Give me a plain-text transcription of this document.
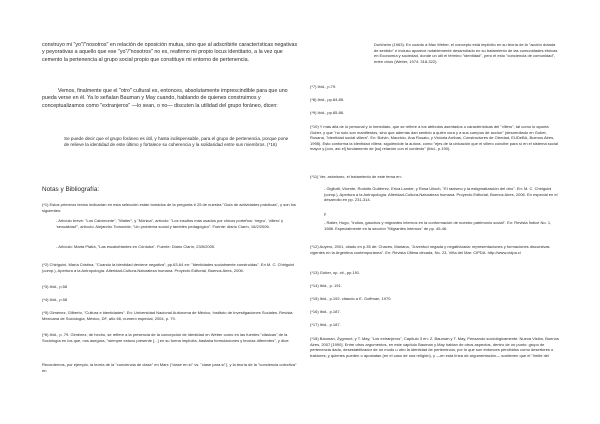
construyo mi "yo"/"nosotros" en relación de oposición mutua, sino que al adscribirle características negativas y peyorativas a aquello que ese "yo"/"nosotros" no es, reafirmo mi propio locus identitario, a la vez que cemento la pertenencia al grupo social propio que constituye mi entorno de pertenencia.

Vemos, finalmente que el "otro" cultural es, entonces, absolutamente imprescindible para que uno pueda verse en él. Ya lo señalan Bauman y May cuando, hablando de quienes construimos y conceptualizamos como "extranjeros" —lo sean, o no— discuten la utilidad del grupo foráneo, dicen:

Se puede decir que el grupo foráneo es útil, y hasta indispensable, para el grupo de pertenencia, porque pone de relieve la identidad de este último y fortalece su coherencia y la solidaridad entre sus miembros. (*16)

Notas y Bibliografía:

(*1) Estos primeros textos indicarían en esta selección están tomados de la pregunta # 25 de nuestra "Guía de actividades prácticas", y son los siguientes:

- Artículo breve: "Los Calvimonte", "Walter", y "Mónica", artículo: "Los insultos más usados por chicos porteños: 'negro', 'villero' y 'sexualidad'", artículo: Alejandro Tomonide, "Un problema social y también pedagógico". Fuente: diario Clarín, 16/2/2006.

- Artículo: Marta Platía, "Las escalofriantes en Córdoba". Fuente: Diario Clarín, 23/5/2005.

(*2) Chiriguini, María Cristina, "Cuando la identidad deviene negativa", pp.63-64 en: "Identidades socialmente construidas". En M. C. Chiriguini (comp.), Apertura a la Antropología. Alteridad-Cultura-Naturaleza humana. Proyecto Editorial, Buenos Aires, 2006.

(*3) Ibid., p.58

(*4) Ibid., p.58

(*5) Giménez, Gilberto, "Cultura e identidades". En: Universidad Nacional Autónoma de México, Instituto de Investigaciones Sociales. Revista Mexicana de Sociología, México, DF, año 66, número especial, 2004, p. 79.

(*6) Ibid., p. 79. Giménez, de hecho, se refiere a la presencia de la concepción de identidad en Weber como en las fuentes "clásicas" de la Sociología en los que, nos asegura, "siempre estuvo presente [...] en su forma implícita, bastaba formulaciones y teorías diferentes", y dice:

Recordemos, por ejemplo, la teoría de la "conciencia de clase" en Marx ("clase en sí" vs. "clase para sí"), y la teoría de la "conciencia colectiva" en

Durkheim (1963). En cuanto a Max Weber, el concepto está implícito en su teoría de la "acción dotada de sentido" e incluso aparece notablemente desarrollado en su tratamiento de las comunidades étnicas en Economía y sociedad, donde un útil el término "identidad", pero el esto "conciencia de comunidad", entre otros (Weber, 1974: 318-322).

(*7) Ibid., p.79.

(*8) Ibid., pp.84-85.

(*9) Ibid., pp.85-86.

(*10) Y más allá de lo personal y lo inmediato, que se refiere a los atributos asentados o características del "villero", tal como lo apunta Guber, y que "no solo son manifiestos, sino que además dan sentido a quién cura y a sus cuerpos de acción" (desarrollado en Guber, Rosana, "Identidad social villera". En: Boivin, Mauricio, Ana Rosato, y Victoria Arribas, Constructores de Otredad, EUDeBA, Buenos Aires, 1998). Esto conforma la identidad villera: siguiéndole la autora, como "ejes de la ubicación que el villero concibe para sí en el sistema social mayor y [con, así el] fundamento de [su] relación con el contexto" (Ibid., p.190).

(*11) Ver, asimismo, el tratamiento de este tema en:

- Gigliotti, Vicente, Rodolfo Gutiérrez, Erica Lander, y Rosa Ulloch, "El racismo y la estigmatización del otro". En: M. C. Chiriguini (comp.), Apertura a la Antropología. Alteridad-Cultura-Naturaleza humana. Proyecto Editorial, Buenos Aires, 2006. En especial en el desarrollo en pp. 231-314.

y

- Ratier, Hugo, "Indios, gauchos y migrantes internos en la conformación de nuestro patrimonio social". En: Revista Índice No. 1, 1988. Especialmente en la sección "Migrantes internos" de pp. 45-46.

(*12) Auyero, 2001, citado en p.35 de: Chaves, Mariana, "Juventud negada y negativizada: representaciones y formaciones discursivas vigentes en la Argentina contemporánea". En: Revista Última década, No. 23, Viña del Mar: CIPDA. http://www.cidpa.cl

(*13) Guber, op. cit., pp.191.

(*14) Ibid., p. 191.

(*15) Ibid., p.192, citando a E. Goffman, 1970.

(*16) Ibid., p.187.

(*17) Ibid., p.187.

(*18) Bauman, Zygmunt, y T. May, "Los extranjeros", Capítulo 3 en: Z. Bauman y T. May, Pensando sociológicamente. Nueva Visión, Buenos Aires, 2007 [1990]. Entre otros argumentos, en este capítulo Bauman y May hablan de otros aspectos, dentro de un punto: grupo de pertenencia dado, desestabilizador de un modo u otro la identidad de pertenencia, por lo que son entonces percibidos como desertores o traidores, y quienes pueden o apostatan (en el caso de una religión), y —en esta línea de argumentación— sostienen que el "límite del
